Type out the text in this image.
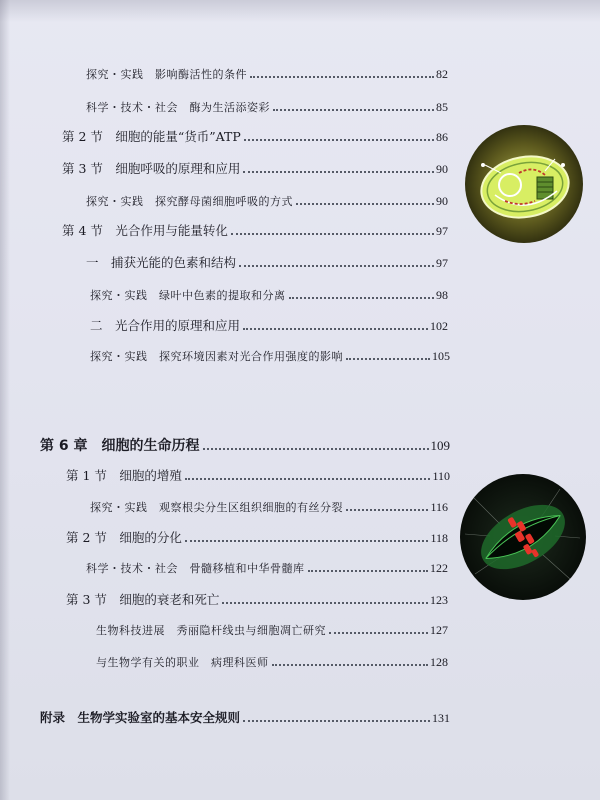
探究・实践　影响酶活性的条件	82
科学・技术・社会　酶为生活添姿彩	85
第 2 节　细胞的能量“货币”ATP	86
第 3 节　细胞呼吸的原理和应用	90
探究・实践　探究酵母菌细胞呼吸的方式	90
第 4 节　光合作用与能量转化	97
一　捕获光能的色素和结构	97
探究・实践　绿叶中色素的提取和分离	98
二　光合作用的原理和应用	102
探究・实践　探究环境因素对光合作用强度的影响	105
第 6 章　细胞的生命历程	109
第 1 节　细胞的增殖	110
探究・实践　观察根尖分生区组织细胞的有丝分裂	116
第 2 节　细胞的分化	118
科学・技术・社会　骨髓移植和中华骨髓库	122
第 3 节　细胞的衰老和死亡	123
生物科技进展　秀丽隐杆线虫与细胞凋亡研究	127
与生物学有关的职业　病理科医师	128
附录　生物学实验室的基本安全规则	131
